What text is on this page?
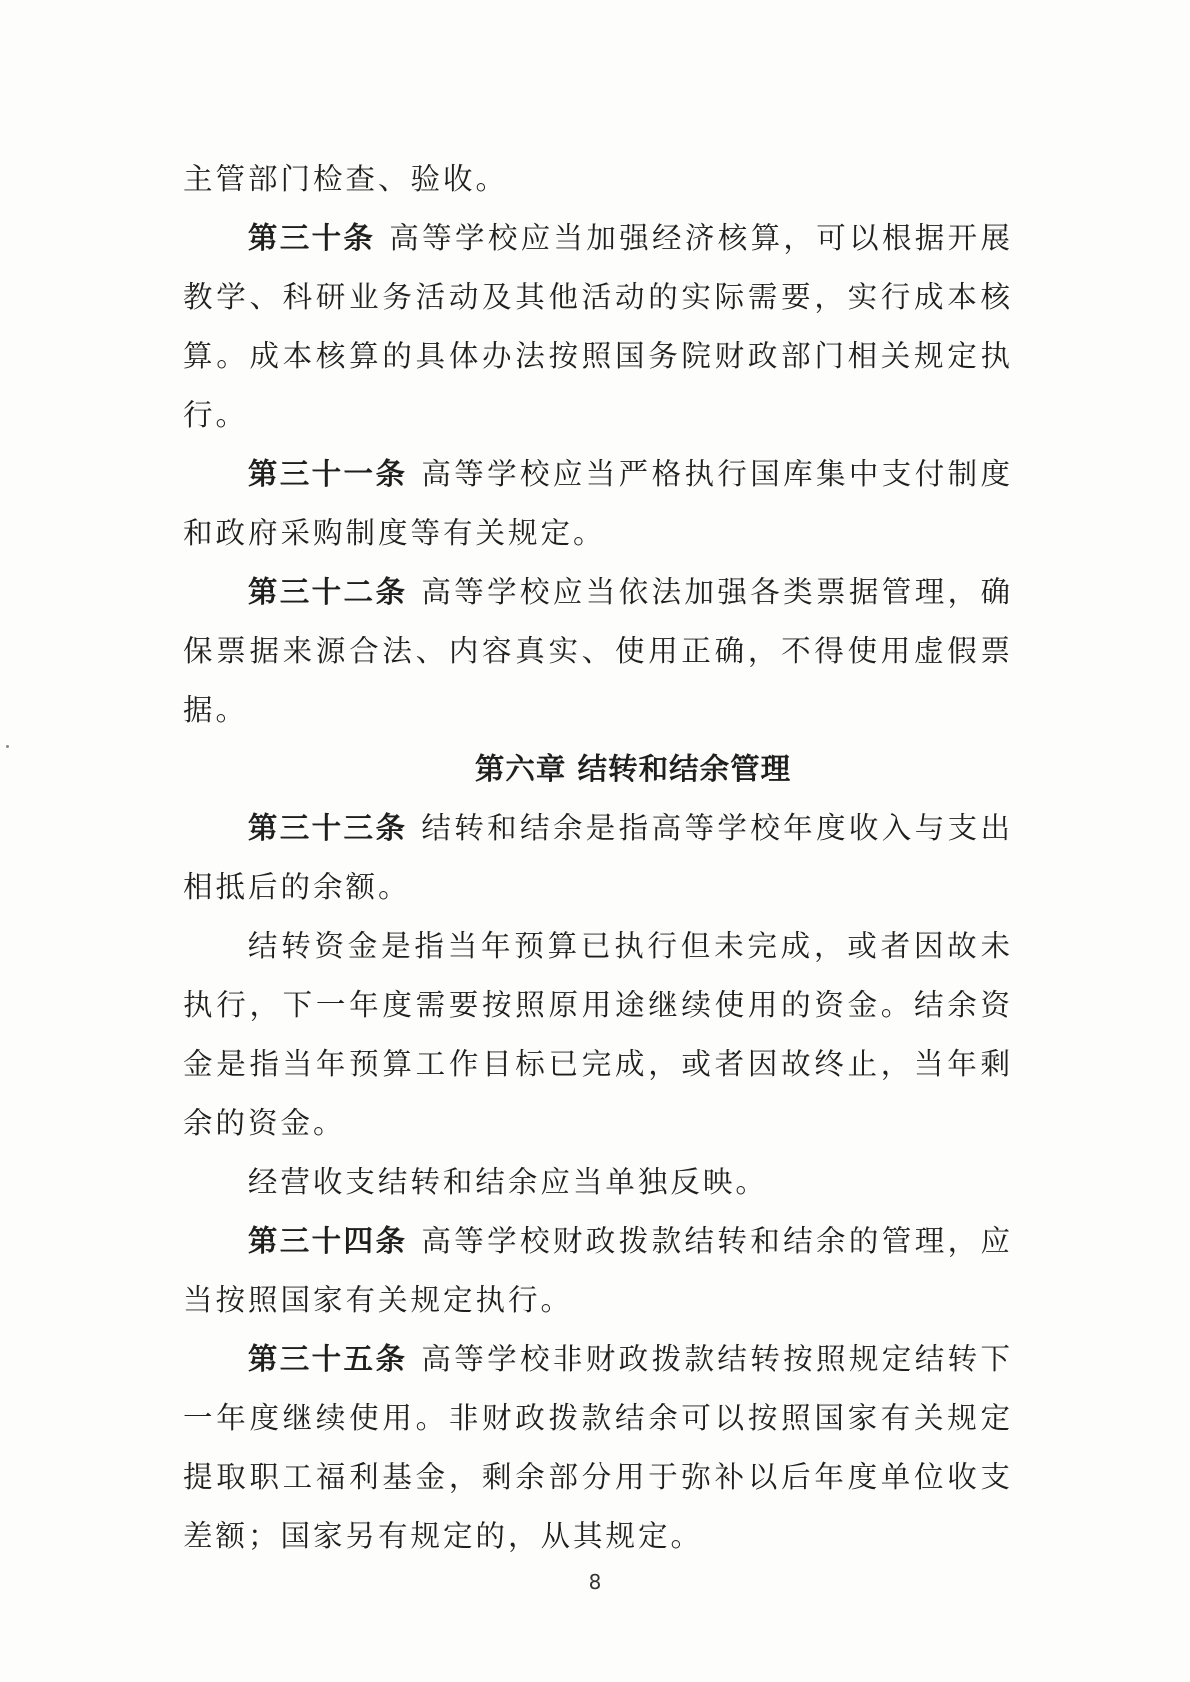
主管部门检查、验收。

第三十条 高等学校应当加强经济核算，可以根据开展教学、科研业务活动及其他活动的实际需要，实行成本核算。成本核算的具体办法按照国务院财政部门相关规定执行。

第三十一条 高等学校应当严格执行国库集中支付制度和政府采购制度等有关规定。

第三十二条 高等学校应当依法加强各类票据管理，确保票据来源合法、内容真实、使用正确，不得使用虚假票据。

第六章 结转和结余管理

第三十三条 结转和结余是指高等学校年度收入与支出相抵后的余额。

结转资金是指当年预算已执行但未完成，或者因故未执行，下一年度需要按照原用途继续使用的资金。结余资金是指当年预算工作目标已完成，或者因故终止，当年剩余的资金。

经营收支结转和结余应当单独反映。

第三十四条 高等学校财政拨款结转和结余的管理，应当按照国家有关规定执行。

第三十五条 高等学校非财政拨款结转按照规定结转下一年度继续使用。非财政拨款结余可以按照国家有关规定提取职工福利基金，剩余部分用于弥补以后年度单位收支差额；国家另有规定的，从其规定。

8
